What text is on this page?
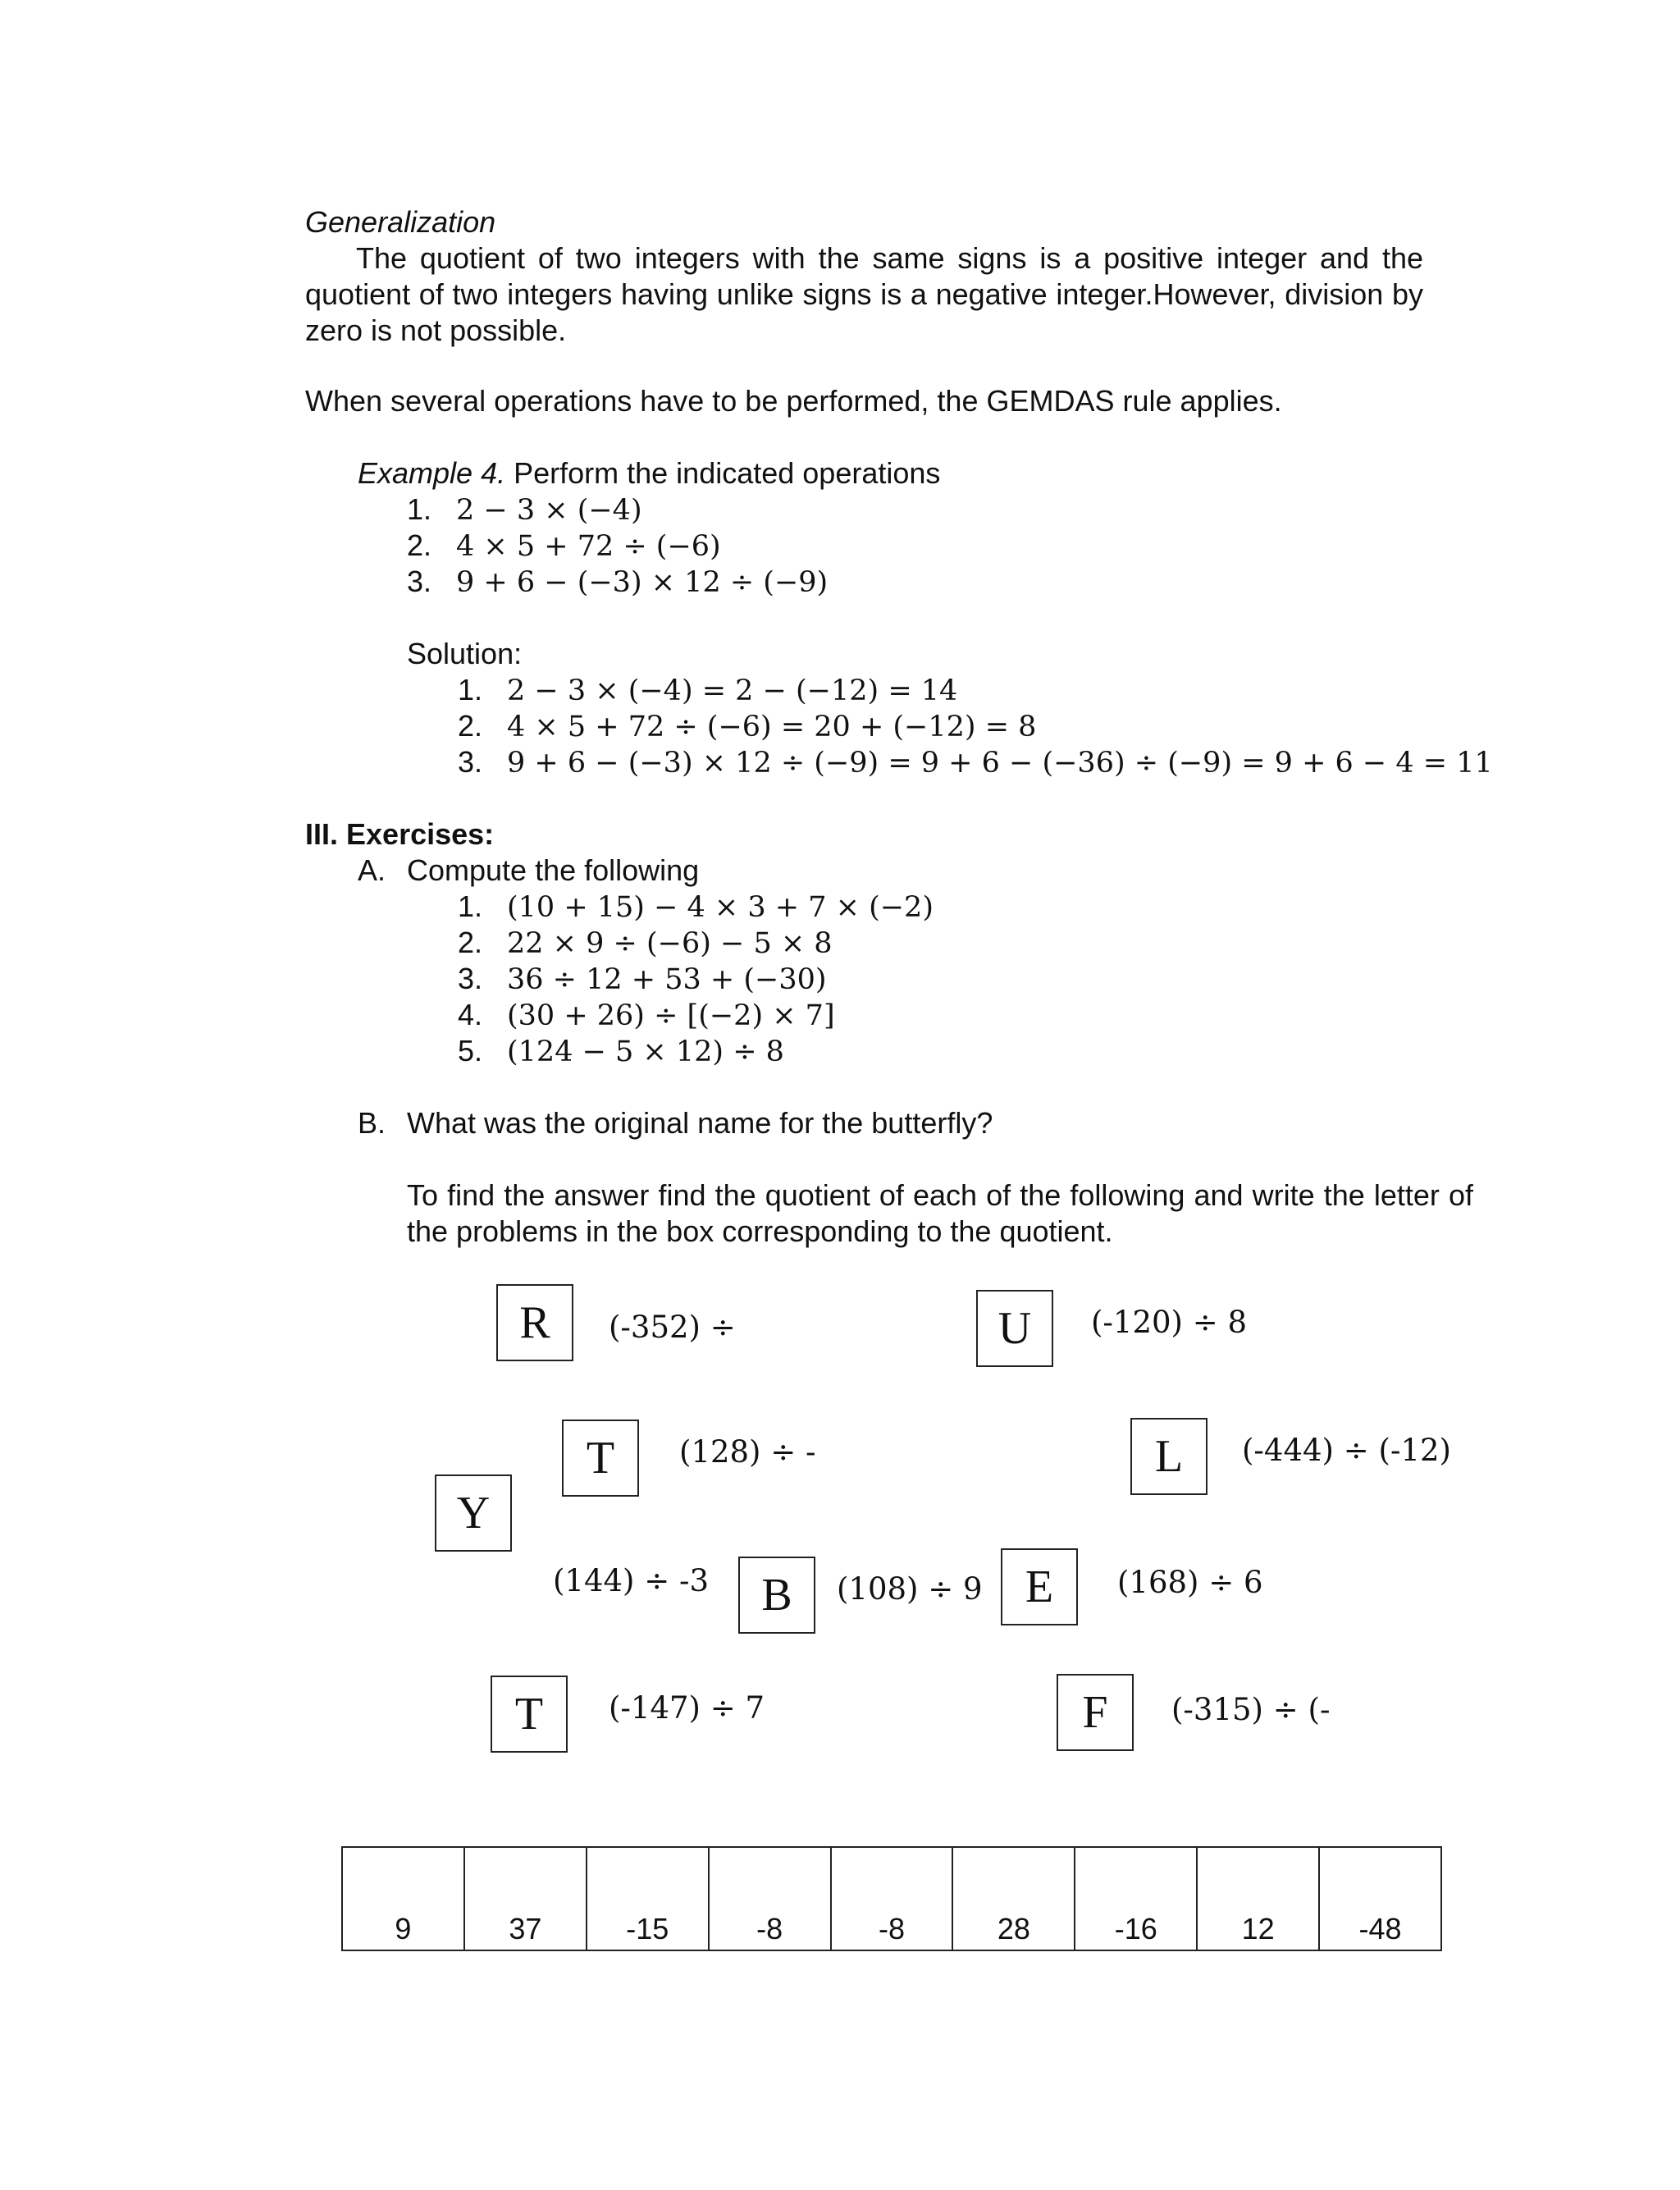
Generalization
The quotient of two integers with the same signs is a positive integer and the quotient of two integers having unlike signs is a negative integer.However, division by zero is not possible.
When several operations have to be performed, the GEMDAS rule applies.
Example 4. Perform the indicated operations
1. 2 − 3 × (−4)
2. 4 × 5 + 72 ÷ (−6)
3. 9 + 6 − (−3) × 12 ÷ (−9)
Solution:
1. 2 − 3 × (−4) = 2 − (−12) = 14
2. 4 × 5 + 72 ÷ (−6) = 20 + (−12) = 8
3. 9 + 6 − (−3) × 12 ÷ (−9) = 9 + 6 − (−36) ÷ (−9) = 9 + 6 − 4 = 11
III. Exercises:
A. Compute the following
1. (10 + 15) − 4 × 3 + 7 × (−2)
2. 22 × 9 ÷ (−6) − 5 × 8
3. 36 ÷ 12 + 53 + (−30)
4. (30 + 26) ÷ [(−2) × 7]
5. (124 − 5 × 12) ÷ 8
B. What was the original name for the butterfly?
To find the answer find the quotient of each of the following and write the letter of the problems in the box corresponding to the quotient.
R	(-352) ÷	U	(-120) ÷ 8
T	(128) ÷ -	L	(-444) ÷ (-12)
Y
(144) ÷ -3	B	(108) ÷ 9 E	(168) ÷ 6
T	(-147) ÷ 7	F	(-315) ÷ (-
9	37	-15	-8	-8	28	-16	12	-48
